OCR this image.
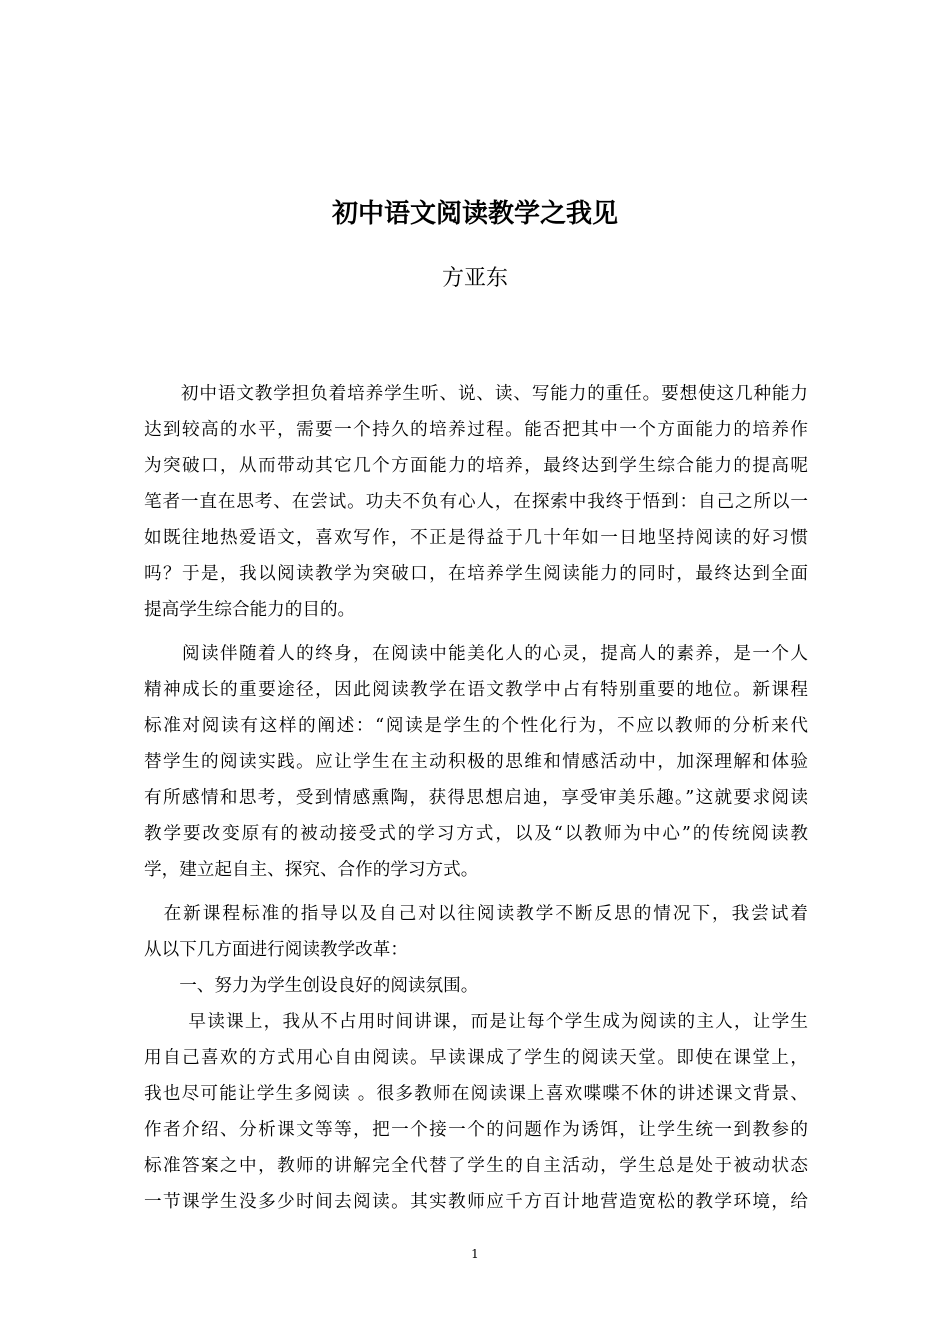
初中语文阅读教学之我见
方亚东
　　初中语文教学担负着培养学生听、说、读、写能力的重任。要想使这几种能力
达到较高的水平，需要一个持久的培养过程。能否把其中一个方面能力的培养作
为突破口，从而带动其它几个方面能力的培养，最终达到学生综合能力的提高呢
笔者一直在思考、在尝试。功夫不负有心人，在探索中我终于悟到：自己之所以一
如既往地热爱语文，喜欢写作，不正是得益于几十年如一日地坚持阅读的好习惯
吗？于是，我以阅读教学为突破口，在培养学生阅读能力的同时，最终达到全面
提高学生综合能力的目的。
　　阅读伴随着人的终身，在阅读中能美化人的心灵，提高人的素养，是一个人
精神成长的重要途径，因此阅读教学在语文教学中占有特别重要的地位。新课程
标准对阅读有这样的阐述：“阅读是学生的个性化行为，不应以教师的分析来代
替学生的阅读实践。应让学生在主动积极的思维和情感活动中，加深理解和体验
有所感情和思考，受到情感熏陶，获得思想启迪，享受审美乐趣。”这就要求阅读
教学要改变原有的被动接受式的学习方式，以及“以教师为中心”的传统阅读教
学，建立起自主、探究、合作的学习方式。
　在新课程标准的指导以及自己对以往阅读教学不断反思的情况下，我尝试着
从以下几方面进行阅读教学改革：
　　一、努力为学生创设良好的阅读氛围。
　　 早读课上，我从不占用时间讲课，而是让每个学生成为阅读的主人，让学生
用自己喜欢的方式用心自由阅读。早读课成了学生的阅读天堂。即使在课堂上，
我也尽可能让学生多阅读 。很多教师在阅读课上喜欢喋喋不休的讲述课文背景、
作者介绍、分析课文等等，把一个接一个的问题作为诱饵，让学生统一到教参的
标准答案之中，教师的讲解完全代替了学生的自主活动，学生总是处于被动状态
一节课学生没多少时间去阅读。其实教师应千方百计地营造宽松的教学环境，给
1
